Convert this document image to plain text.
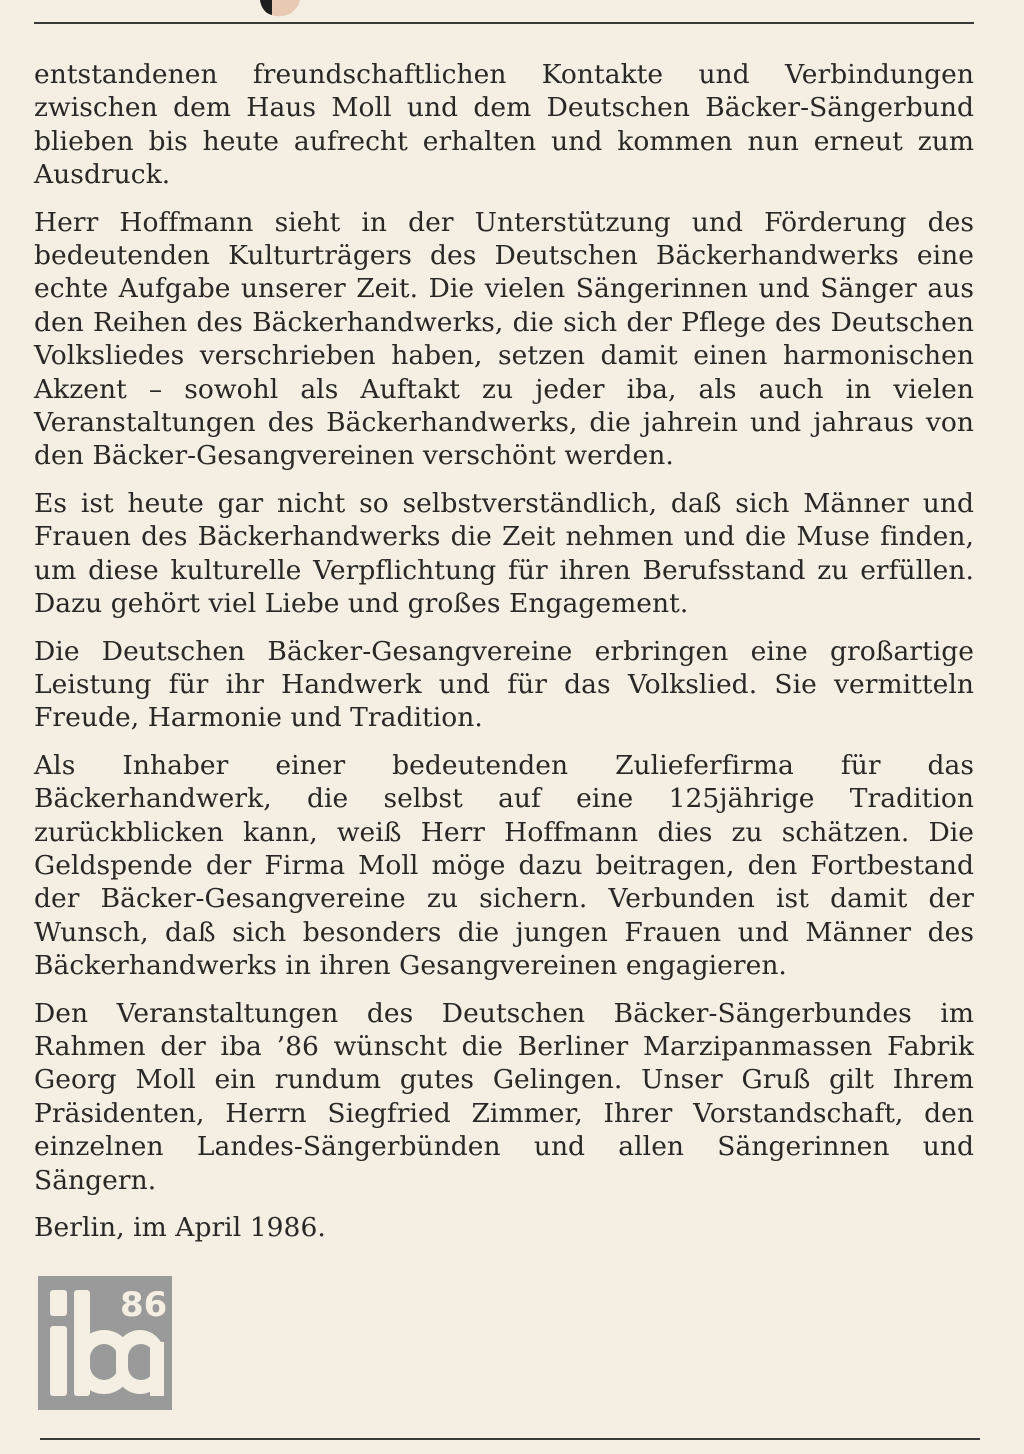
entstandenen freundschaftlichen Kontakte und Verbindungen zwischen dem Haus Moll und dem Deutschen Bäcker-Sängerbund blieben bis heute aufrecht erhalten und kommen nun erneut zum Ausdruck.

Herr Hoffmann sieht in der Unterstützung und Förderung des bedeutenden Kulturträgers des Deutschen Bäckerhandwerks eine echte Aufgabe unserer Zeit. Die vielen Sängerinnen und Sänger aus den Reihen des Bäckerhandwerks, die sich der Pflege des Deutschen Volksliedes verschrieben haben, setzen damit einen harmonischen Akzent – sowohl als Auftakt zu jeder iba, als auch in vielen Veranstaltungen des Bäckerhandwerks, die jahrein und jahraus von den Bäcker-Gesangvereinen verschönt werden.

Es ist heute gar nicht so selbstverständlich, daß sich Männer und Frauen des Bäckerhandwerks die Zeit nehmen und die Muse finden, um diese kulturelle Verpflichtung für ihren Berufsstand zu erfüllen. Dazu gehört viel Liebe und großes Engagement.

Die Deutschen Bäcker-Gesangvereine erbringen eine großartige Leistung für ihr Handwerk und für das Volkslied. Sie vermitteln Freude, Harmonie und Tradition.

Als Inhaber einer bedeutenden Zulieferfirma für das Bäckerhandwerk, die selbst auf eine 125jährige Tradition zurückblicken kann, weiß Herr Hoffmann dies zu schätzen. Die Geldspende der Firma Moll möge dazu beitragen, den Fortbestand der Bäcker-Gesangvereine zu sichern. Verbunden ist damit der Wunsch, daß sich besonders die jungen Frauen und Männer des Bäckerhandwerks in ihren Gesangvereinen engagieren.

Den Veranstaltungen des Deutschen Bäcker-Sängerbundes im Rahmen der iba ’86 wünscht die Berliner Marzipanmassen Fabrik Georg Moll ein rundum gutes Gelingen. Unser Gruß gilt Ihrem Präsidenten, Herrn Siegfried Zimmer, Ihrer Vorstandschaft, den einzelnen Landes-Sängerbünden und allen Sängerinnen und Sängern.

Berlin, im April 1986.

86
